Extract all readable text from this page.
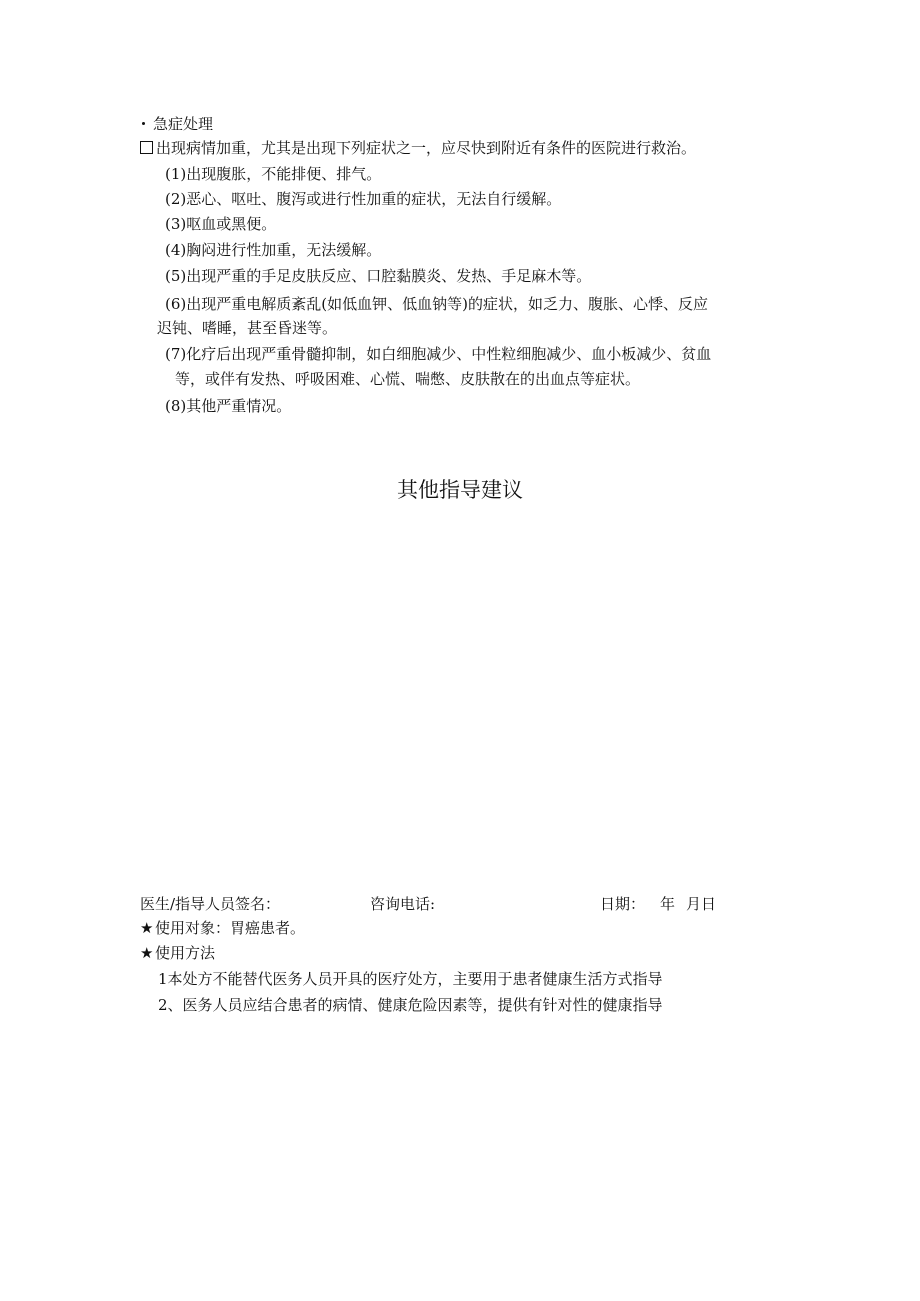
急症处理
出现病情加重，尤其是出现下列症状之一，应尽快到附近有条件的医院进行救治。
(1)出现腹胀，不能排便、排气。
(2)恶心、呕吐、腹泻或进行性加重的症状，无法自行缓解。
(3)呕血或黑便。
(4)胸闷进行性加重，无法缓解。
(5)出现严重的手足皮肤反应、口腔黏膜炎、发热、手足麻木等。
(6)出现严重电解质紊乱(如低血钾、低血钠等)的症状，如乏力、腹胀、心悸、反应
迟钝、嗜睡，甚至昏迷等。
(7)化疗后出现严重骨髓抑制，如白细胞减少、中性粒细胞减少、血小板减少、贫血
等，或伴有发热、呼吸困难、心慌、喘憋、皮肤散在的出血点等症状。
(8)其他严重情况。
其他指导建议
医生/指导人员签名：	咨询电话:	日期： 年 月日
★ 使用对象：胃癌患者。
★ 使用方法
1本处方不能替代医务人员开具的医疗处方，主要用于患者健康生活方式指导
2、医务人员应结合患者的病情、健康危险因素等，提供有针对性的健康指导
